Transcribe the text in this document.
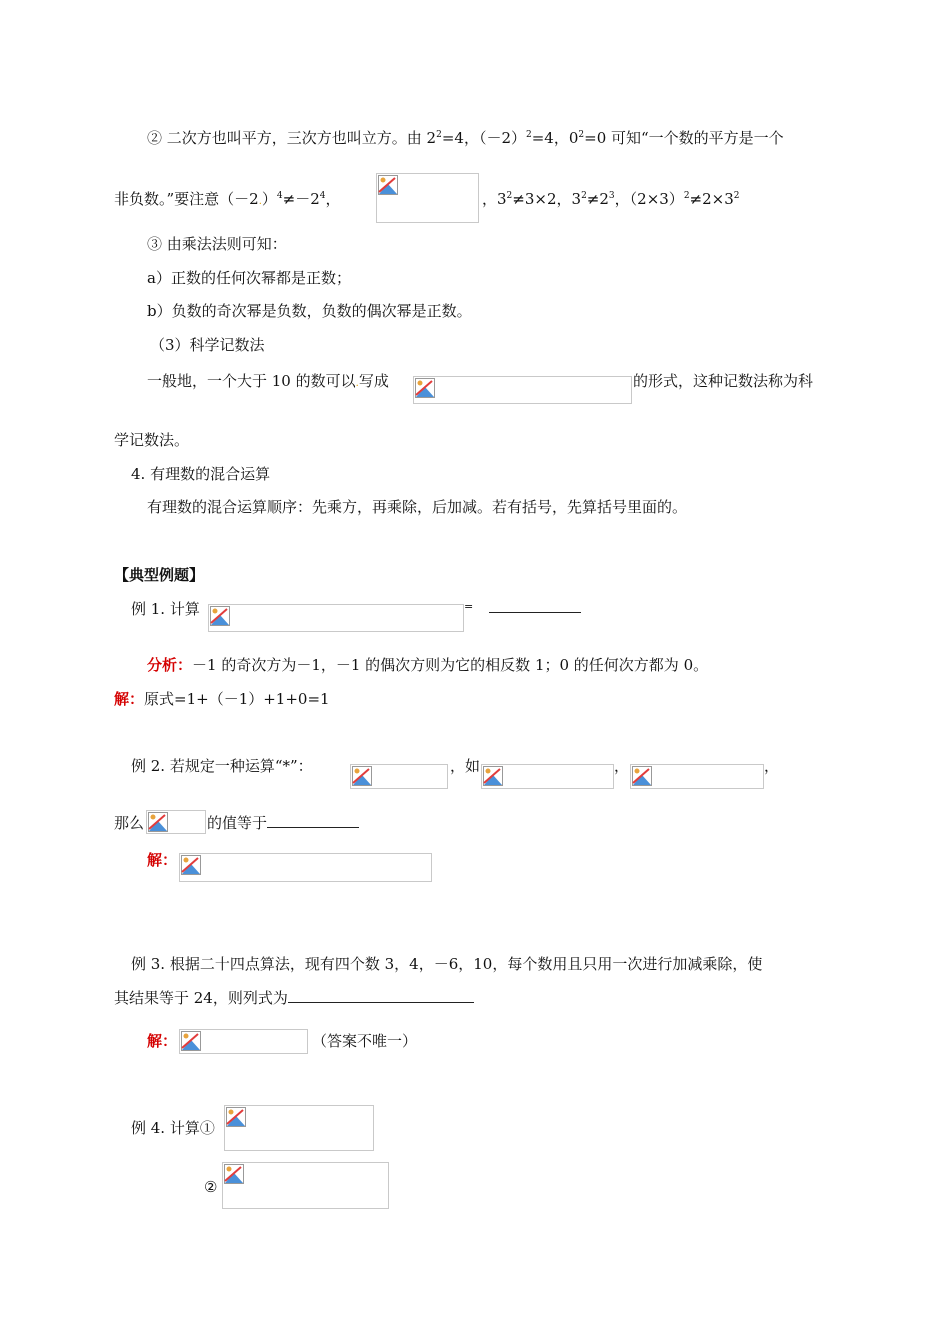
② 二次方也叫平方，三次方也叫立方。由 $2^2=4$，$(-2)^2=4$，$0^2=0$ 可知“一个数的平方是一个
非负数。”要注意$(-2.)^4\ne-2^4$，	，$3^2\ne 3\times 2$，$3^2\ne 2^3$，$(2\times 3)^2\ne 2\times 3^2$
③ 由乘法法则可知：
a）正数的任何次幂都是正数；
b）负数的奇次幂是负数，负数的偶次幂是正数。
（3）科学记数法
一般地，一个大于 10 的数可以.写成	的形式，这种记数法称为科
学记数法。
4. 有理数的混合运算
有理数的混合运算顺序：先乘方，再乘除，后加减。若有括号，先算括号里面的。
【典型例题】
例 1. 计算	=
分析：－1 的奇次方为－1，－1 的偶次方则为它的相反数 1；0 的任何次方都为 0。
解：原式=1+（－1）+1+0=1
例 2. 若规定一种运算“*”：	，如	，	，
那么	的值等于
解：
例 3. 根据二十四点算法，现有四个数 3，4，－6，10，每个数用且只用一次进行加减乘除，使
其结果等于 24，则列式为
解：	（答案不唯一）
例 4. 计算①
②
